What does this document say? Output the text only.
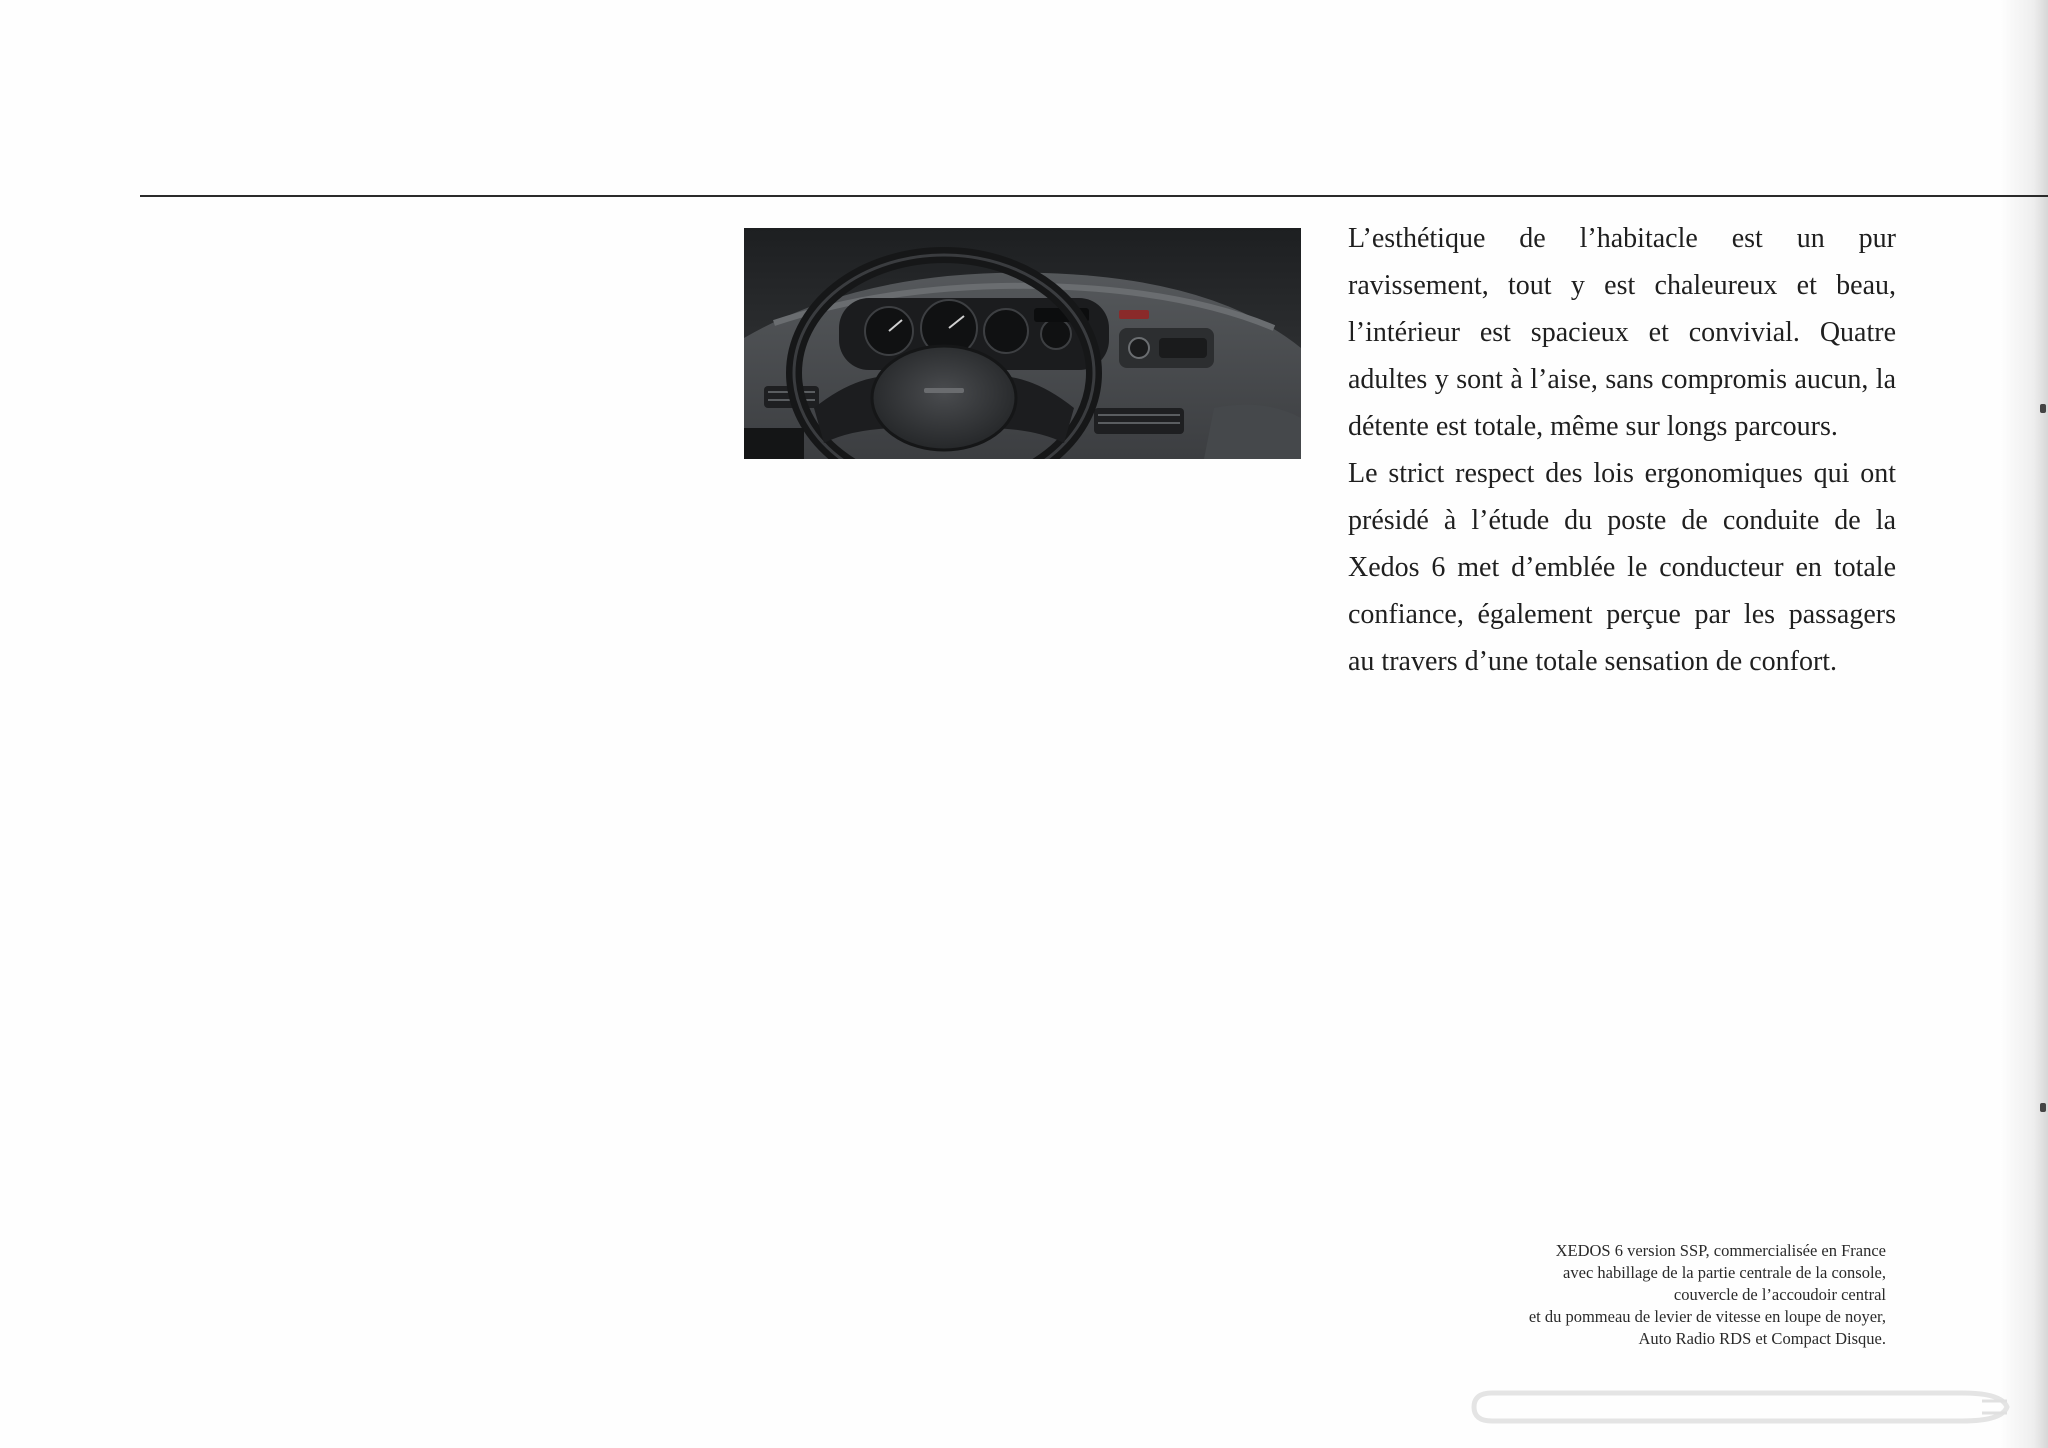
L’esthétique de l’habitacle est un pur ravissement, tout y est chaleureux et beau, l’intérieur est spacieux et convivial. Quatre adultes y sont à l’aise, sans compromis aucun, la détente est totale, même sur longs parcours.

Le strict respect des lois ergonomiques qui ont présidé à l’étude du poste de conduite de la Xedos 6 met d’emblée le conducteur en totale confiance, également perçue par les passagers au travers d’une totale sensation de confort.

XEDOS 6 version SSP, commercialisée en France
avec habillage de la partie centrale de la console,
couvercle de l’accoudoir central
et du pommeau de levier de vitesse en loupe de noyer,
Auto Radio RDS et Compact Disque.
